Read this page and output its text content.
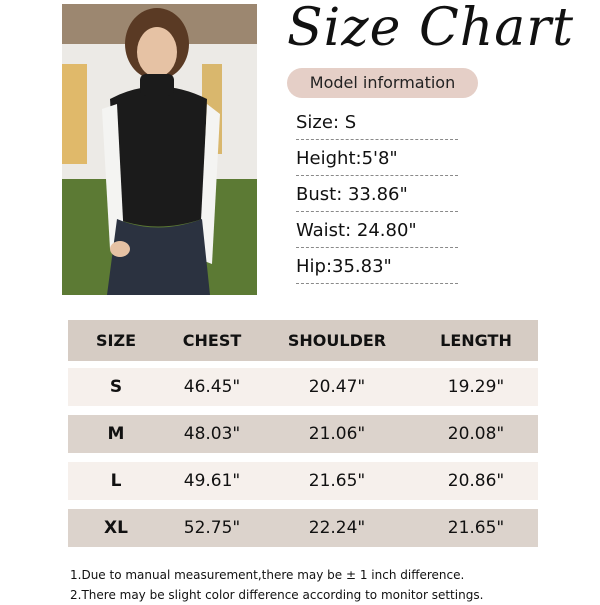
Size Chart
Model information
Size: S
Height:5'8"
Bust: 33.86"
Waist: 24.80"
Hip:35.83"
SIZE	CHEST	SHOULDER	LENGTH
S	46.45"	20.47"	19.29"
M	48.03"	21.06"	20.08"
L	49.61"	21.65"	20.86"
XL	52.75"	22.24"	21.65"
1.Due to manual measurement,there may be ± 1 inch difference.
2.There may be slight color difference according to monitor settings.
